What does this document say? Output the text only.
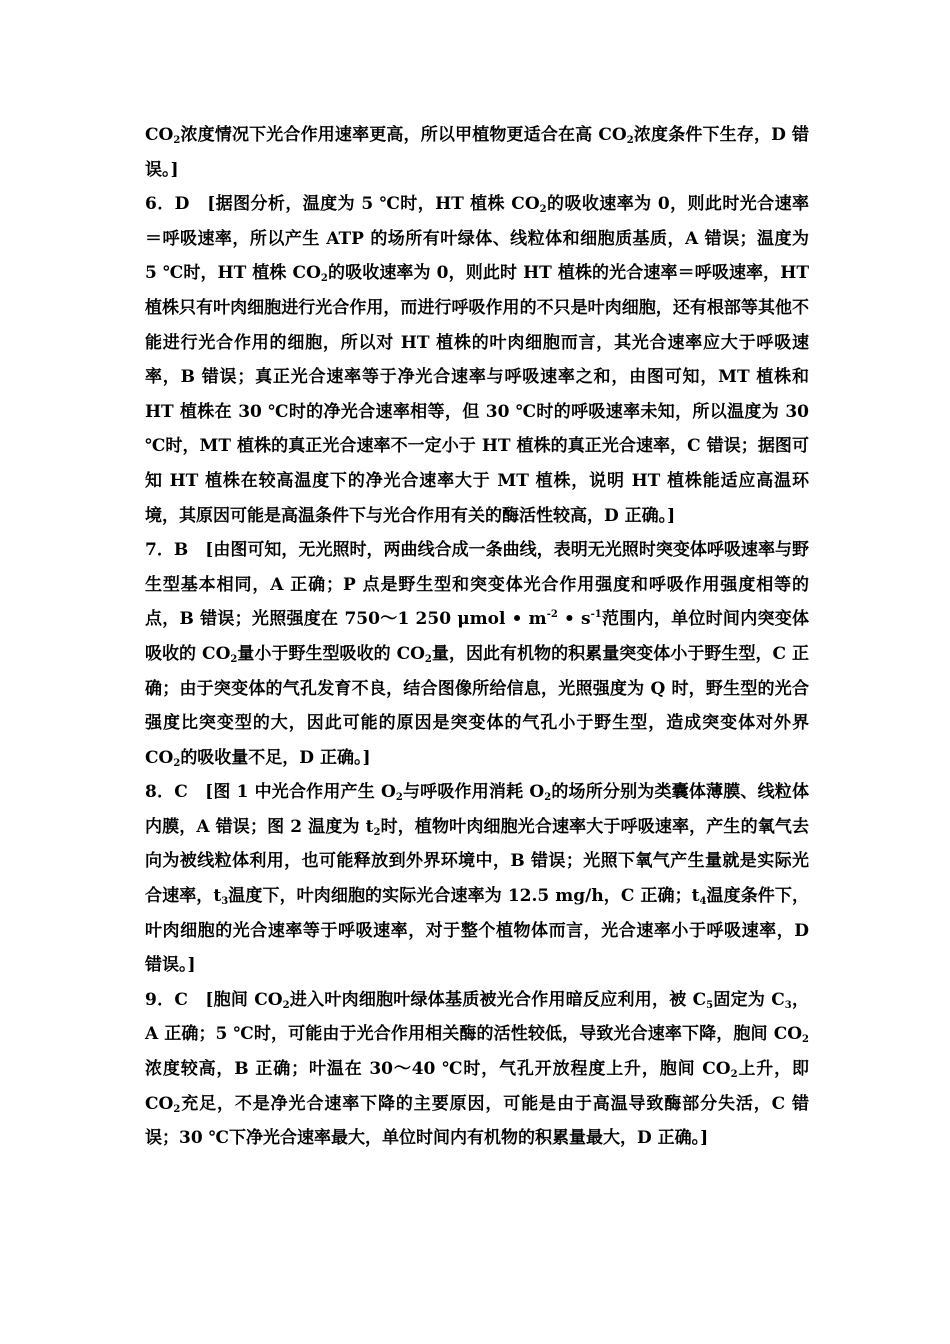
$CO_2$浓度情况下光合作用速率更高，所以甲植物更适合在高 $CO_2$浓度条件下生存，D 错误。]

6．D　[据图分析，温度为 5 ℃时，HT 植株 $CO_2$的吸收速率为 0，则此时光合速率＝呼吸速率，所以产生 ATP 的场所有叶绿体、线粒体和细胞质基质，A 错误；温度为 5 ℃时，HT 植株 $CO_2$的吸收速率为 0，则此时 HT 植株的光合速率＝呼吸速率，HT 植株只有叶肉细胞进行光合作用，而进行呼吸作用的不只是叶肉细胞，还有根部等其他不能进行光合作用的细胞，所以对 HT 植株的叶肉细胞而言，其光合速率应大于呼吸速率，B 错误；真正光合速率等于净光合速率与呼吸速率之和，由图可知，MT 植株和 HT 植株在 30 ℃时的净光合速率相等，但 30 ℃时的呼吸速率未知，所以温度为 30 ℃时，MT 植株的真正光合速率不一定小于 HT 植株的真正光合速率，C 错误；据图可知 HT 植株在较高温度下的净光合速率大于 MT 植株，说明 HT 植株能适应高温环境，其原因可能是高温条件下与光合作用有关的酶活性较高，D 正确。]

7．B　[由图可知，无光照时，两曲线合成一条曲线，表明无光照时突变体呼吸速率与野生型基本相同，A 正确；P 点是野生型和突变体光合作用强度和呼吸作用强度相等的点，B 错误；光照强度在 750～1 250 μmol • $m^{-2}$ • $s^{-1}$范围内，单位时间内突变体吸收的 $CO_2$量小于野生型吸收的 $CO_2$量，因此有机物的积累量突变体小于野生型，C 正确；由于突变体的气孔发育不良，结合图像所给信息，光照强度为 Q 时，野生型的光合强度比突变型的大，因此可能的原因是突变体的气孔小于野生型，造成突变体对外界 $CO_2$的吸收量不足，D 正确。]

8．C　[图 1 中光合作用产生 $O_2$与呼吸作用消耗 $O_2$的场所分别为类囊体薄膜、线粒体内膜，A 错误；图 2 温度为 $t_2$时，植物叶肉细胞光合速率大于呼吸速率，产生的氧气去向为被线粒体利用，也可能释放到外界环境中，B 错误；光照下氧气产生量就是实际光合速率，$t_3$温度下，叶肉细胞的实际光合速率为 12.5 mg/h，C 正确；$t_4$温度条件下，叶肉细胞的光合速率等于呼吸速率，对于整个植物体而言，光合速率小于呼吸速率，D 错误。]

9．C　[胞间 $CO_2$进入叶肉细胞叶绿体基质被光合作用暗反应利用，被 $C_5$固定为 $C_3$，A 正确；5 ℃时，可能由于光合作用相关酶的活性较低，导致光合速率下降，胞间 $CO_2$浓度较高，B 正确；叶温在 30～40 ℃时，气孔开放程度上升，胞间 $CO_2$上升，即 $CO_2$充足，不是净光合速率下降的主要原因，可能是由于高温导致酶部分失活，C 错误；30 ℃下净光合速率最大，单位时间内有机物的积累量最大，D 正确。]
